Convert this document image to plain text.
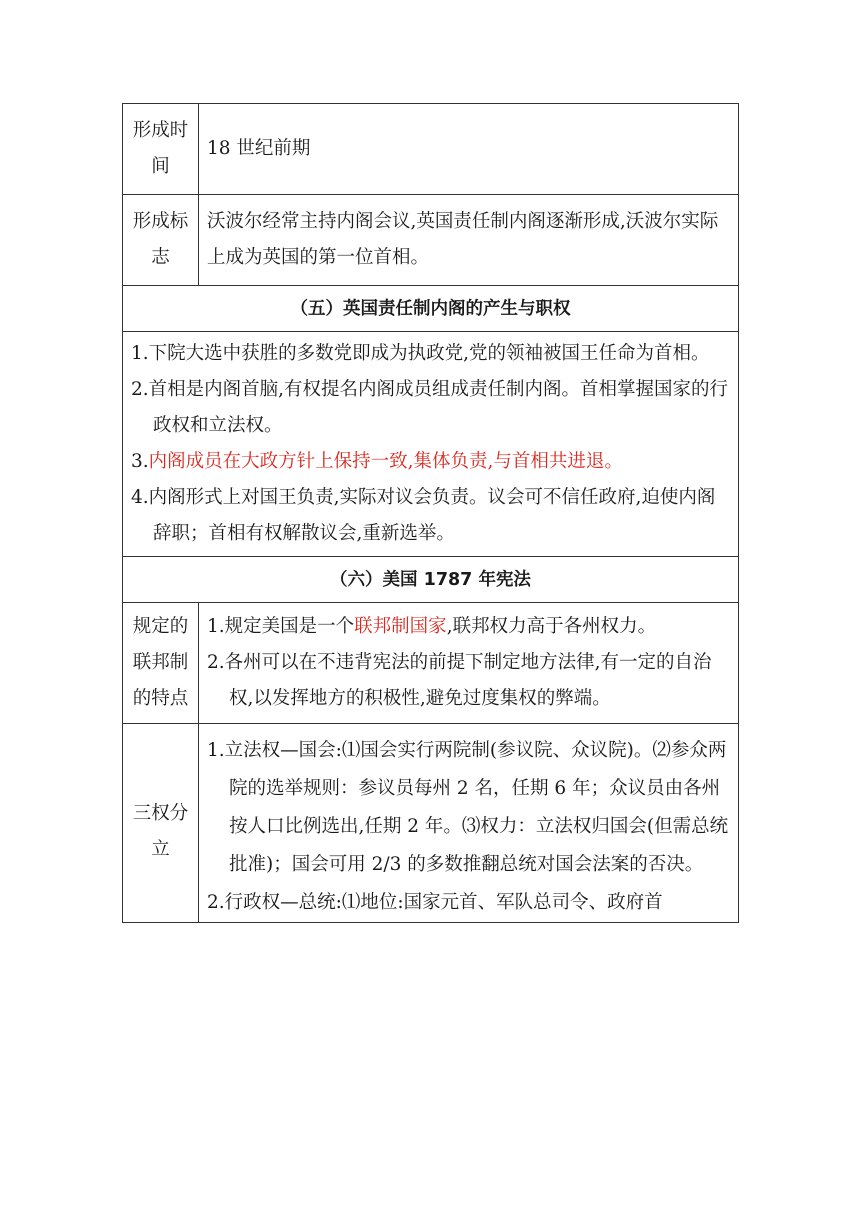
形成时间	18 世纪前期
形成标志	沃波尔经常主持内阁会议,英国责任制内阁逐渐形成,沃波尔实际上成为英国的第一位首相。
（五）英国责任制内阁的产生与职权	

1.下院大选中获胜的多数党即成为执政党,党的领袖被国王任命为首相。

2.首相是内阁首脑,有权提名内阁成员组成责任制内阁。首相掌握国家的行政权和立法权。

3.内阁成员在大政方针上保持一致,集体负责,与首相共进退。

4.内阁形式上对国王负责,实际对议会负责。议会可不信任政府,迫使内阁辞职；首相有权解散议会,重新选举。	

（六）美国 1787 年宪法	
规定的联邦制的特点	1.规定美国是一个联邦制国家,联邦权力高于各州权力。

2.各州可以在不违背宪法的前提下制定地方法律,有一定的自治权,以发挥地方的积极性,避免过度集权的弊端。

三权分立	1.立法权—国会:⑴国会实行两院制(参议院、众议院)。⑵参众两院的选举规则：参议员每州 2 名，任期 6 年；众议员由各州按人口比例选出,任期 2 年。⑶权力：立法权归国会(但需总统批准)；国会可用 2/3 的多数推翻总统对国会法案的否决。

2.行政权—总统:⑴地位:国家元首、军队总司令、政府首
